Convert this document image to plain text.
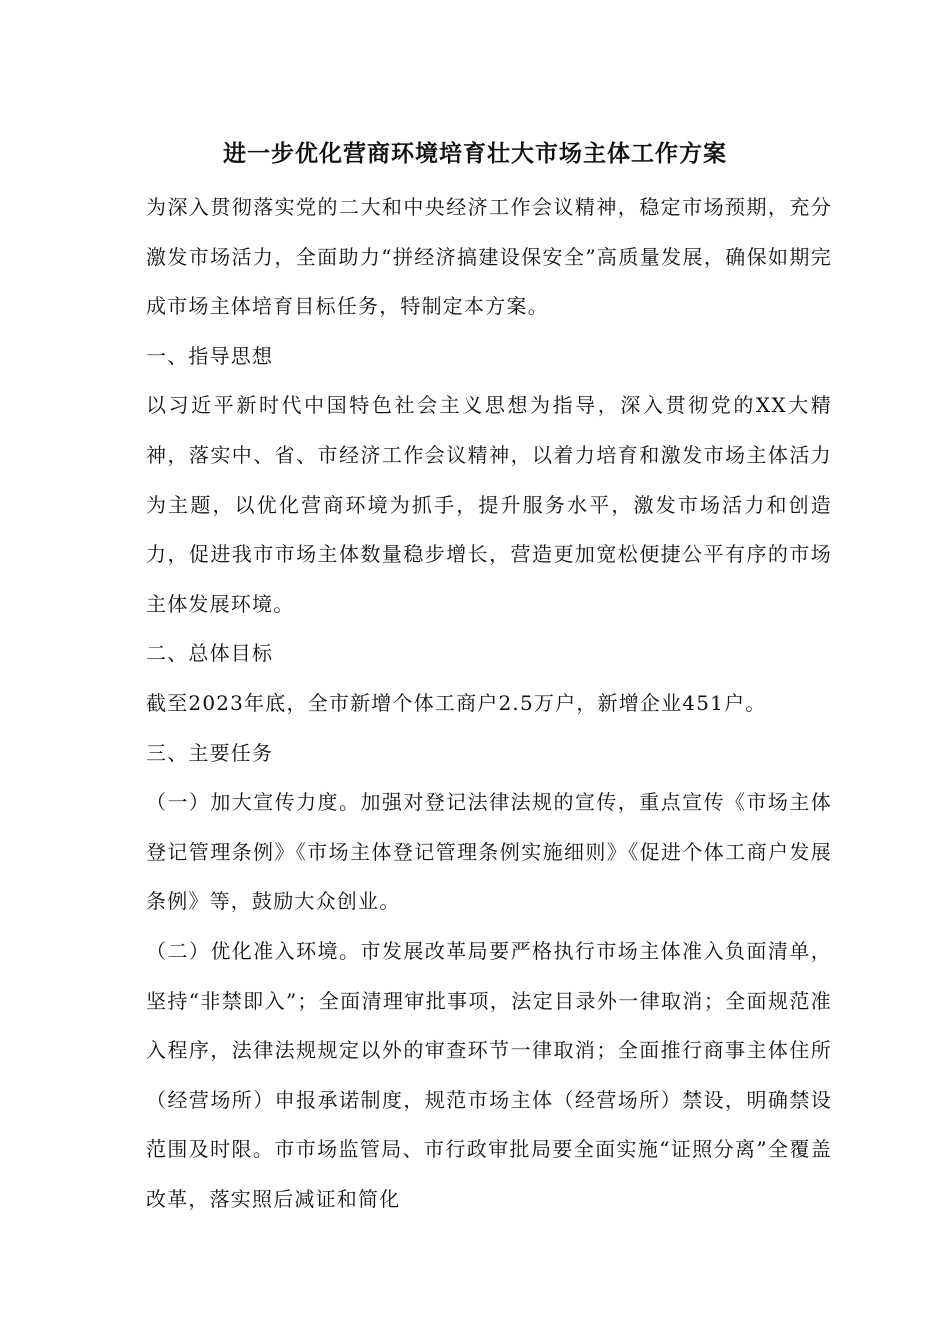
进一步优化营商环境培育壮大市场主体工作方案

为深入贯彻落实党的二大和中央经济工作会议精神，稳定市场预期，充分激发市场活力，全面助力“拼经济搞建设保安全”高质量发展，确保如期完成市场主体培育目标任务，特制定本方案。

一、指导思想

以习近平新时代中国特色社会主义思想为指导，深入贯彻党的XX大精神，落实中、省、市经济工作会议精神，以着力培育和激发市场主体活力为主题，以优化营商环境为抓手，提升服务水平，激发市场活力和创造力，促进我市市场主体数量稳步增长，营造更加宽松便捷公平有序的市场主体发展环境。

二、总体目标

截至2023年底，全市新增个体工商户2.5万户，新增企业451户。

三、主要任务

（一）加大宣传力度。加强对登记法律法规的宣传，重点宣传《市场主体登记管理条例》《市场主体登记管理条例实施细则》《促进个体工商户发展条例》等，鼓励大众创业。

（二）优化准入环境。市发展改革局要严格执行市场主体准入负面清单，坚持“非禁即入”；全面清理审批事项，法定目录外一律取消；全面规范准入程序，法律法规规定以外的审查环节一律取消；全面推行商事主体住所（经营场所）申报承诺制度，规范市场主体（经营场所）禁设，明确禁设范围及时限。市市场监管局、市行政审批局要全面实施“证照分离”全覆盖改革，落实照后减证和简化
